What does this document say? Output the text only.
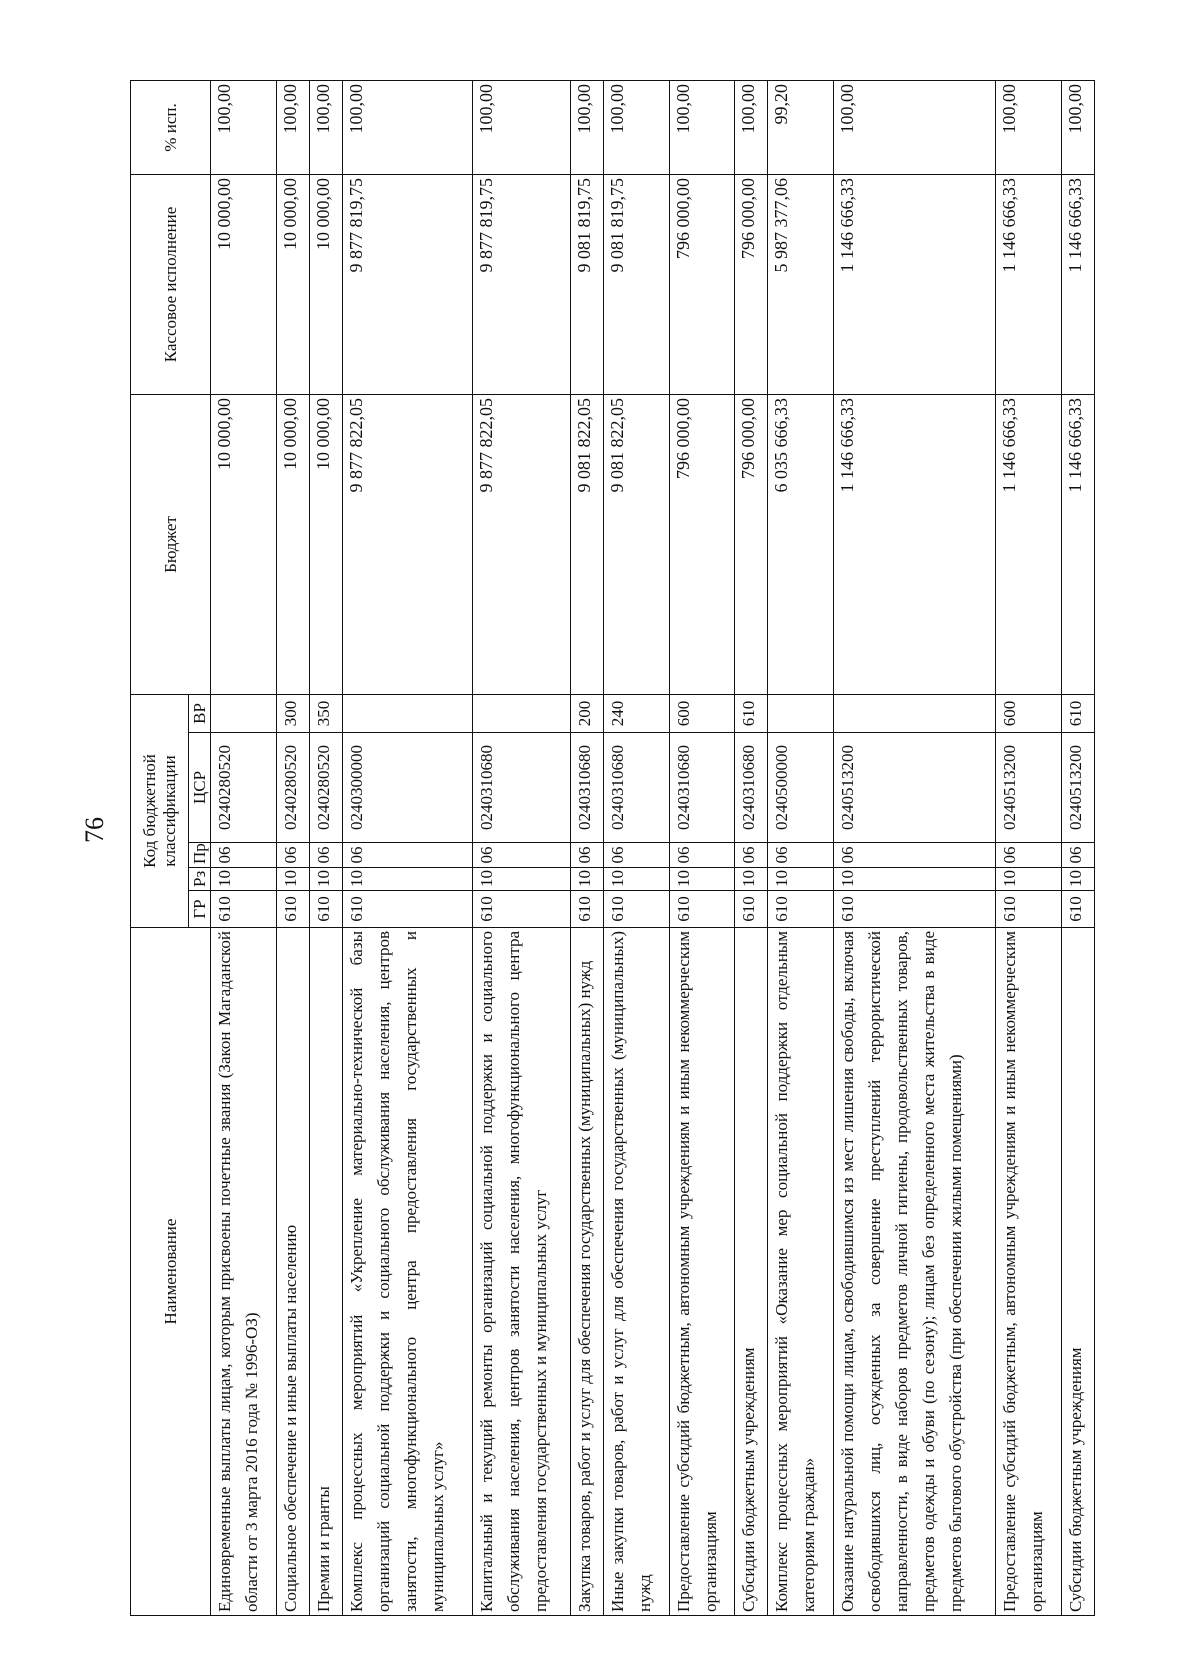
76
Наименование	Код бюджетной классификации					Бюджет	Кассовое исполнение	% исп.
	ГР	Рз	Пр	ЦСР	ВР			
Единовременные выплаты лицам, которым присвоены почетные звания (Закон Магаданской области от 3 марта 2016 года № 1996-ОЗ)	610	10	06	0240280520		10 000,00	10 000,00	100,00
Социальное обеспечение и иные выплаты населению	610	10	06	0240280520	300	10 000,00	10 000,00	100,00
Премии и гранты	610	10	06	0240280520	350	10 000,00	10 000,00	100,00
Комплекс процессных мероприятий «Укрепление материально-технической базы организаций социальной поддержки и социального обслуживания населения, центров занятости, многофункционального центра предоставления государственных и муниципальных услуг»	610	10	06	0240300000		9 877 822,05	9 877 819,75	100,00
Капитальный и текущий ремонты организаций социальной поддержки и социального обслуживания населения, центров занятости населения, многофункционального центра предоставления государственных и муниципальных услуг	610	10	06	0240310680		9 877 822,05	9 877 819,75	100,00
Закупка товаров, работ и услуг для обеспечения государственных (муниципальных) нужд	610	10	06	0240310680	200	9 081 822,05	9 081 819,75	100,00
Иные закупки товаров, работ и услуг для обеспечения государственных (муниципальных) нужд	610	10	06	0240310680	240	9 081 822,05	9 081 819,75	100,00
Предоставление субсидий бюджетным, автономным учреждениям и иным некоммерческим организациям	610	10	06	0240310680	600	796 000,00	796 000,00	100,00
Субсидии бюджетным учреждениям	610	10	06	0240310680	610	796 000,00	796 000,00	100,00
Комплекс процессных мероприятий «Оказание мер социальной поддержки отдельным категориям граждан»	610	10	06	0240500000		6 035 666,33	5 987 377,06	99,20
Оказание натуральной помощи лицам, освободившимся из мест лишения свободы, включая освободившихся лиц, осужденных за совершение преступлений террористической направленности, в виде наборов предметов личной гигиены, продовольственных товаров, предметов одежды и обуви (по сезону); лицам без определенного места жительства в виде предметов бытового обустройства (при обеспечении жилыми помещениями)	610	10	06	0240513200		1 146 666,33	1 146 666,33	100,00
Предоставление субсидий бюджетным, автономным учреждениям и иным некоммерческим организациям	610	10	06	0240513200	600	1 146 666,33	1 146 666,33	100,00
Субсидии бюджетным учреждениям	610	10	06	0240513200	610	1 146 666,33	1 146 666,33	100,00
